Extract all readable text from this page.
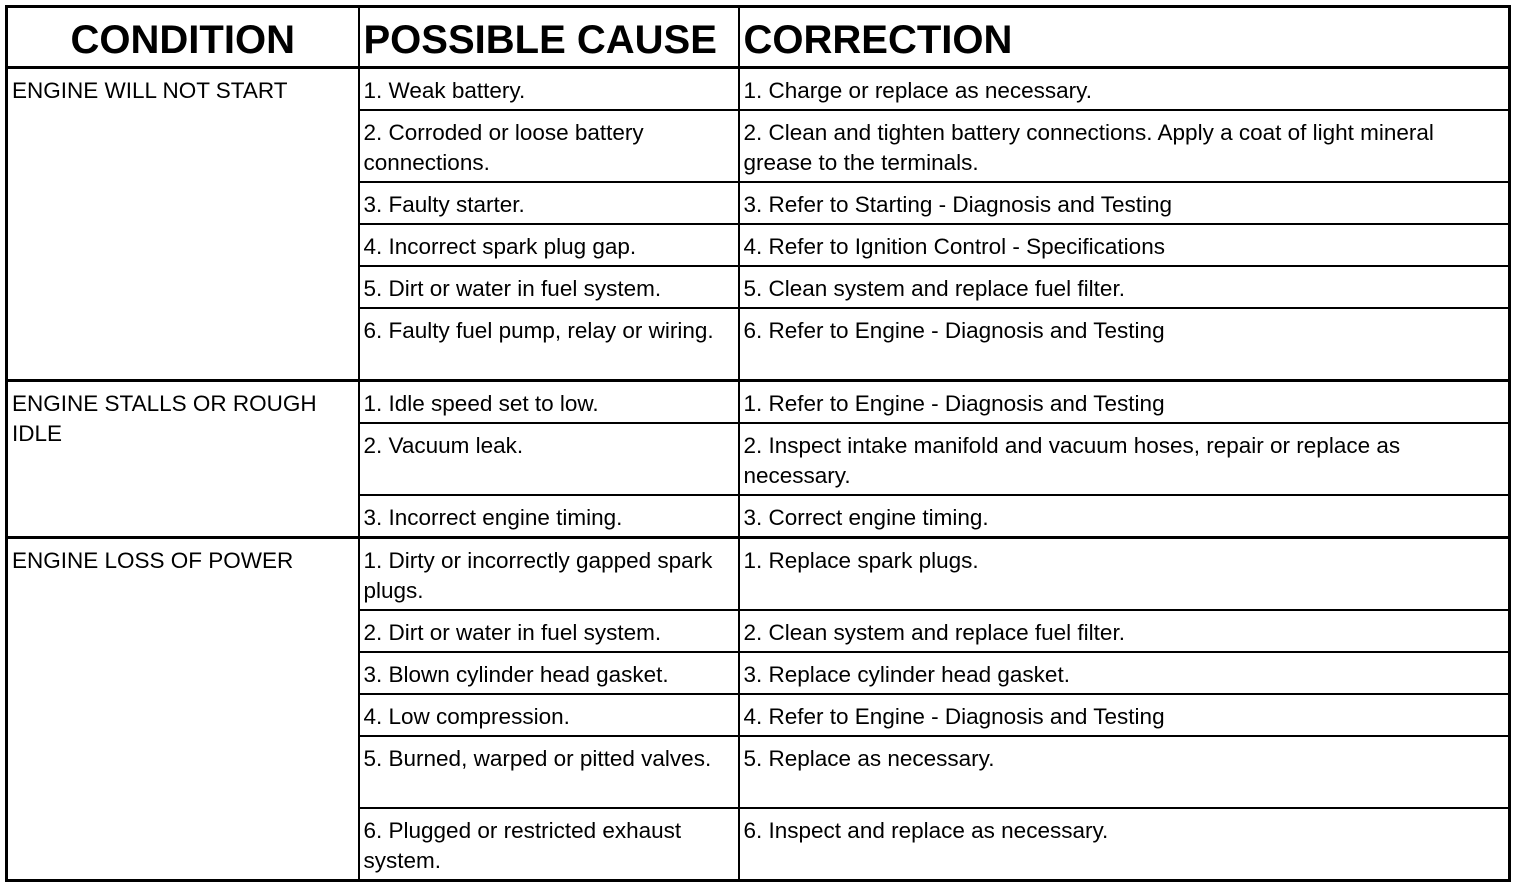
CONDITION	POSSIBLE CAUSE	CORRECTION
ENGINE WILL NOT START	1. Weak battery.	1. Charge or replace as necessary.
	2. Corroded or loose battery connections.	2. Clean and tighten battery connections. Apply a coat of light mineral grease to the terminals.
	3. Faulty starter.	3. Refer to Starting - Diagnosis and Testing
	4. Incorrect spark plug gap.	4. Refer to Ignition Control - Specifications
	5. Dirt or water in fuel system.	5. Clean system and replace fuel filter.
	6. Faulty fuel pump, relay or wiring.	6. Refer to Engine - Diagnosis and Testing
ENGINE STALLS OR ROUGH IDLE	1. Idle speed set to low.	1. Refer to Engine - Diagnosis and Testing
	2. Vacuum leak.	2. Inspect intake manifold and vacuum hoses, repair or replace as necessary.
	3. Incorrect engine timing.	3. Correct engine timing.
ENGINE LOSS OF POWER	1. Dirty or incorrectly gapped spark plugs.	1. Replace spark plugs.
	2. Dirt or water in fuel system.	2. Clean system and replace fuel filter.
	3. Blown cylinder head gasket.	3. Replace cylinder head gasket.
	4. Low compression.	4. Refer to Engine - Diagnosis and Testing
	5. Burned, warped or pitted valves.	5. Replace as necessary.
	6. Plugged or restricted exhaust system.	6. Inspect and replace as necessary.
